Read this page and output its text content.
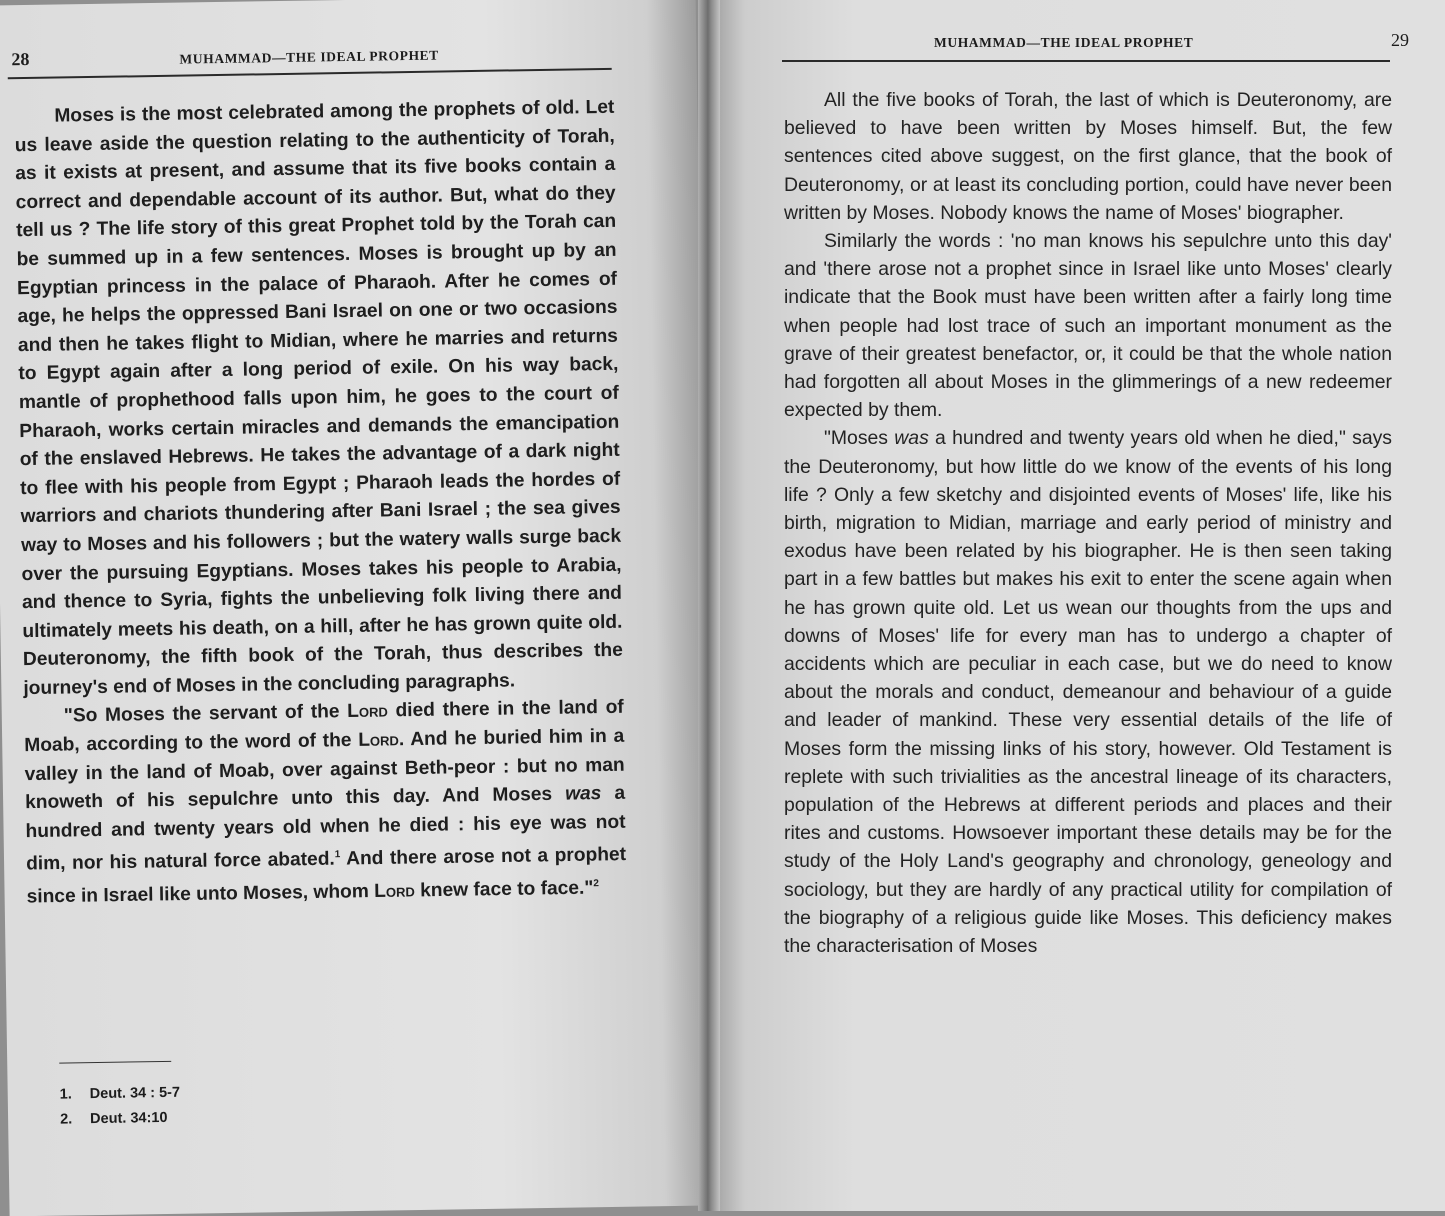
28	MUHAMMAD—THE IDEAL PROPHET

Moses is the most celebrated among the prophets of old. Let us leave aside the question relating to the authenticity of Torah, as it exists at present, and assume that its five books contain a correct and dependable account of its author. But, what do they tell us ? The life story of this great Prophet told by the Torah can be summed up in a few sentences. Moses is brought up by an Egyptian princess in the palace of Pharaoh. After he comes of age, he helps the oppressed Bani Israel on one or two occasions and then he takes flight to Midian, where he marries and returns to Egypt again after a long period of exile. On his way back, mantle of prophethood falls upon him, he goes to the court of Pharaoh, works certain miracles and demands the emancipation of the enslaved Hebrews. He takes the advantage of a dark night to flee with his people from Egypt ; Pharaoh leads the hordes of warriors and chariots thundering after Bani Israel ; the sea gives way to Moses and his followers ; but the watery walls surge back over the pursuing Egyptians. Moses takes his people to Arabia, and thence to Syria, fights the unbelieving folk living there and ultimately meets his death, on a hill, after he has grown quite old. Deuteronomy, the fifth book of the Torah, thus describes the journey's end of Moses in the concluding paragraphs.

"So Moses the servant of the Lord died there in the land of Moab, according to the word of the Lord. And he buried him in a valley in the land of Moab, over against Beth-peor : but no man knoweth of his sepulchre unto this day. And Moses was a hundred and twenty years old when he died : his eye was not dim, nor his natural force abated.$^1$ And there arose not a prophet since in Israel like unto Moses, whom Lord knew face to face."$^2$

1. Deut. 34 : 5-7
2. Deut. 34:10
MUHAMMAD—THE IDEAL PROPHET	29

All the five books of Torah, the last of which is Deuteronomy, are believed to have been written by Moses himself. But, the few sentences cited above suggest, on the first glance, that the book of Deuteronomy, or at least its concluding portion, could have never been written by Moses. Nobody knows the name of Moses' biographer.

Similarly the words : 'no man knows his sepulchre unto this day' and 'there arose not a prophet since in Israel like unto Moses' clearly indicate that the Book must have been written after a fairly long time when people had lost trace of such an important monument as the grave of their greatest benefactor, or, it could be that the whole nation had forgotten all about Moses in the glimmerings of a new redeemer expected by them.

"Moses was a hundred and twenty years old when he died," says the Deuteronomy, but how little do we know of the events of his long life ? Only a few sketchy and disjointed events of Moses' life, like his birth, migration to Midian, marriage and early period of ministry and exodus have been related by his biographer. He is then seen taking part in a few battles but makes his exit to enter the scene again when he has grown quite old. Let us wean our thoughts from the ups and downs of Moses' life for every man has to undergo a chapter of accidents which are peculiar in each case, but we do need to know about the morals and conduct, demeanour and behaviour of a guide and leader of mankind. These very essential details of the life of Moses form the missing links of his story, however. Old Testament is replete with such trivialities as the ancestral lineage of its characters, population of the Hebrews at different periods and places and their rites and customs. Howsoever important these details may be for the study of the Holy Land's geography and chronology, geneology and sociology, but they are hardly of any practical utility for compilation of the biography of a religious guide like Moses. This deficiency makes the characterisation of Moses
